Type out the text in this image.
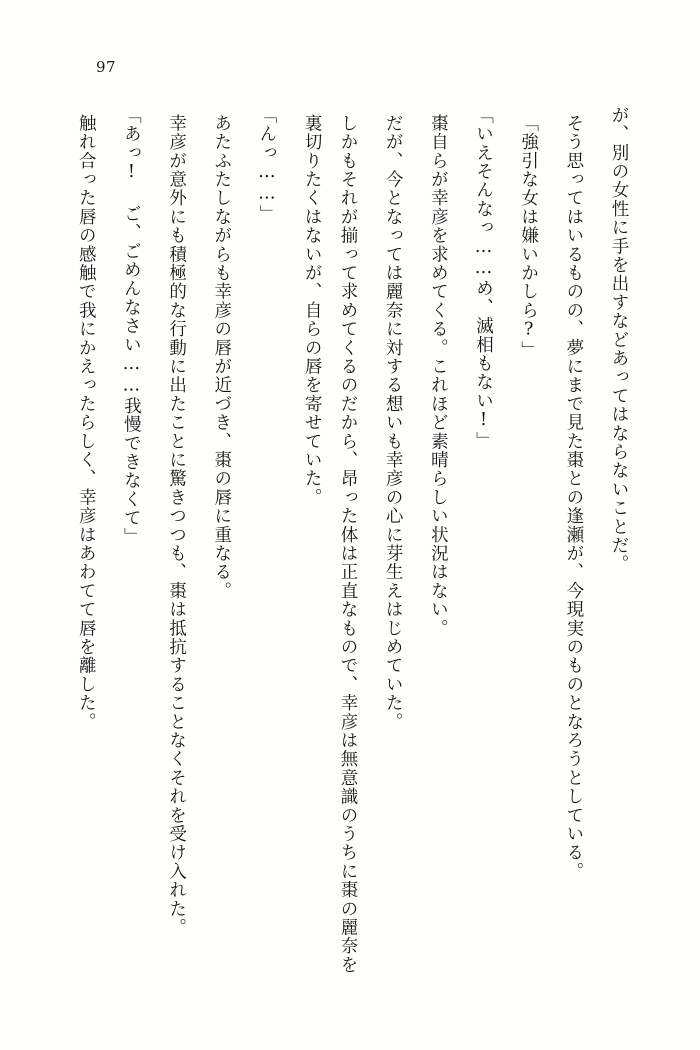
97

が、別の女性に手を出すなどあってはならないことだ。

そう思ってはいるものの、夢にまで見た棗との逢瀬が、今現実のものとなろうとしている。

「強引な女は嫌いかしら?」

「いえそんなっ……め、滅相もない!」

棗自らが幸彦を求めてくる。これほど素晴らしい状況はない。

だが、今となっては麗奈に対する想いも幸彦の心に芽生えはじめていた。

しかもそれが揃って求めてくるのだから、昂った体は正直なもので、幸彦は無意識のうちに棗の麗奈を裏切りたくはないが、自らの唇を寄せていた。

「んっ……」

あたふたしながらも幸彦の唇が近づき、棗の唇に重なる。

幸彦が意外にも積極的な行動に出たことに驚きつつも、棗は抵抗することなくそれを受け入れた。

「あっ! ご、ごめんなさい……我慢できなくて」

触れ合った唇の感触で我にかえったらしく、幸彦はあわてて唇を離した。
